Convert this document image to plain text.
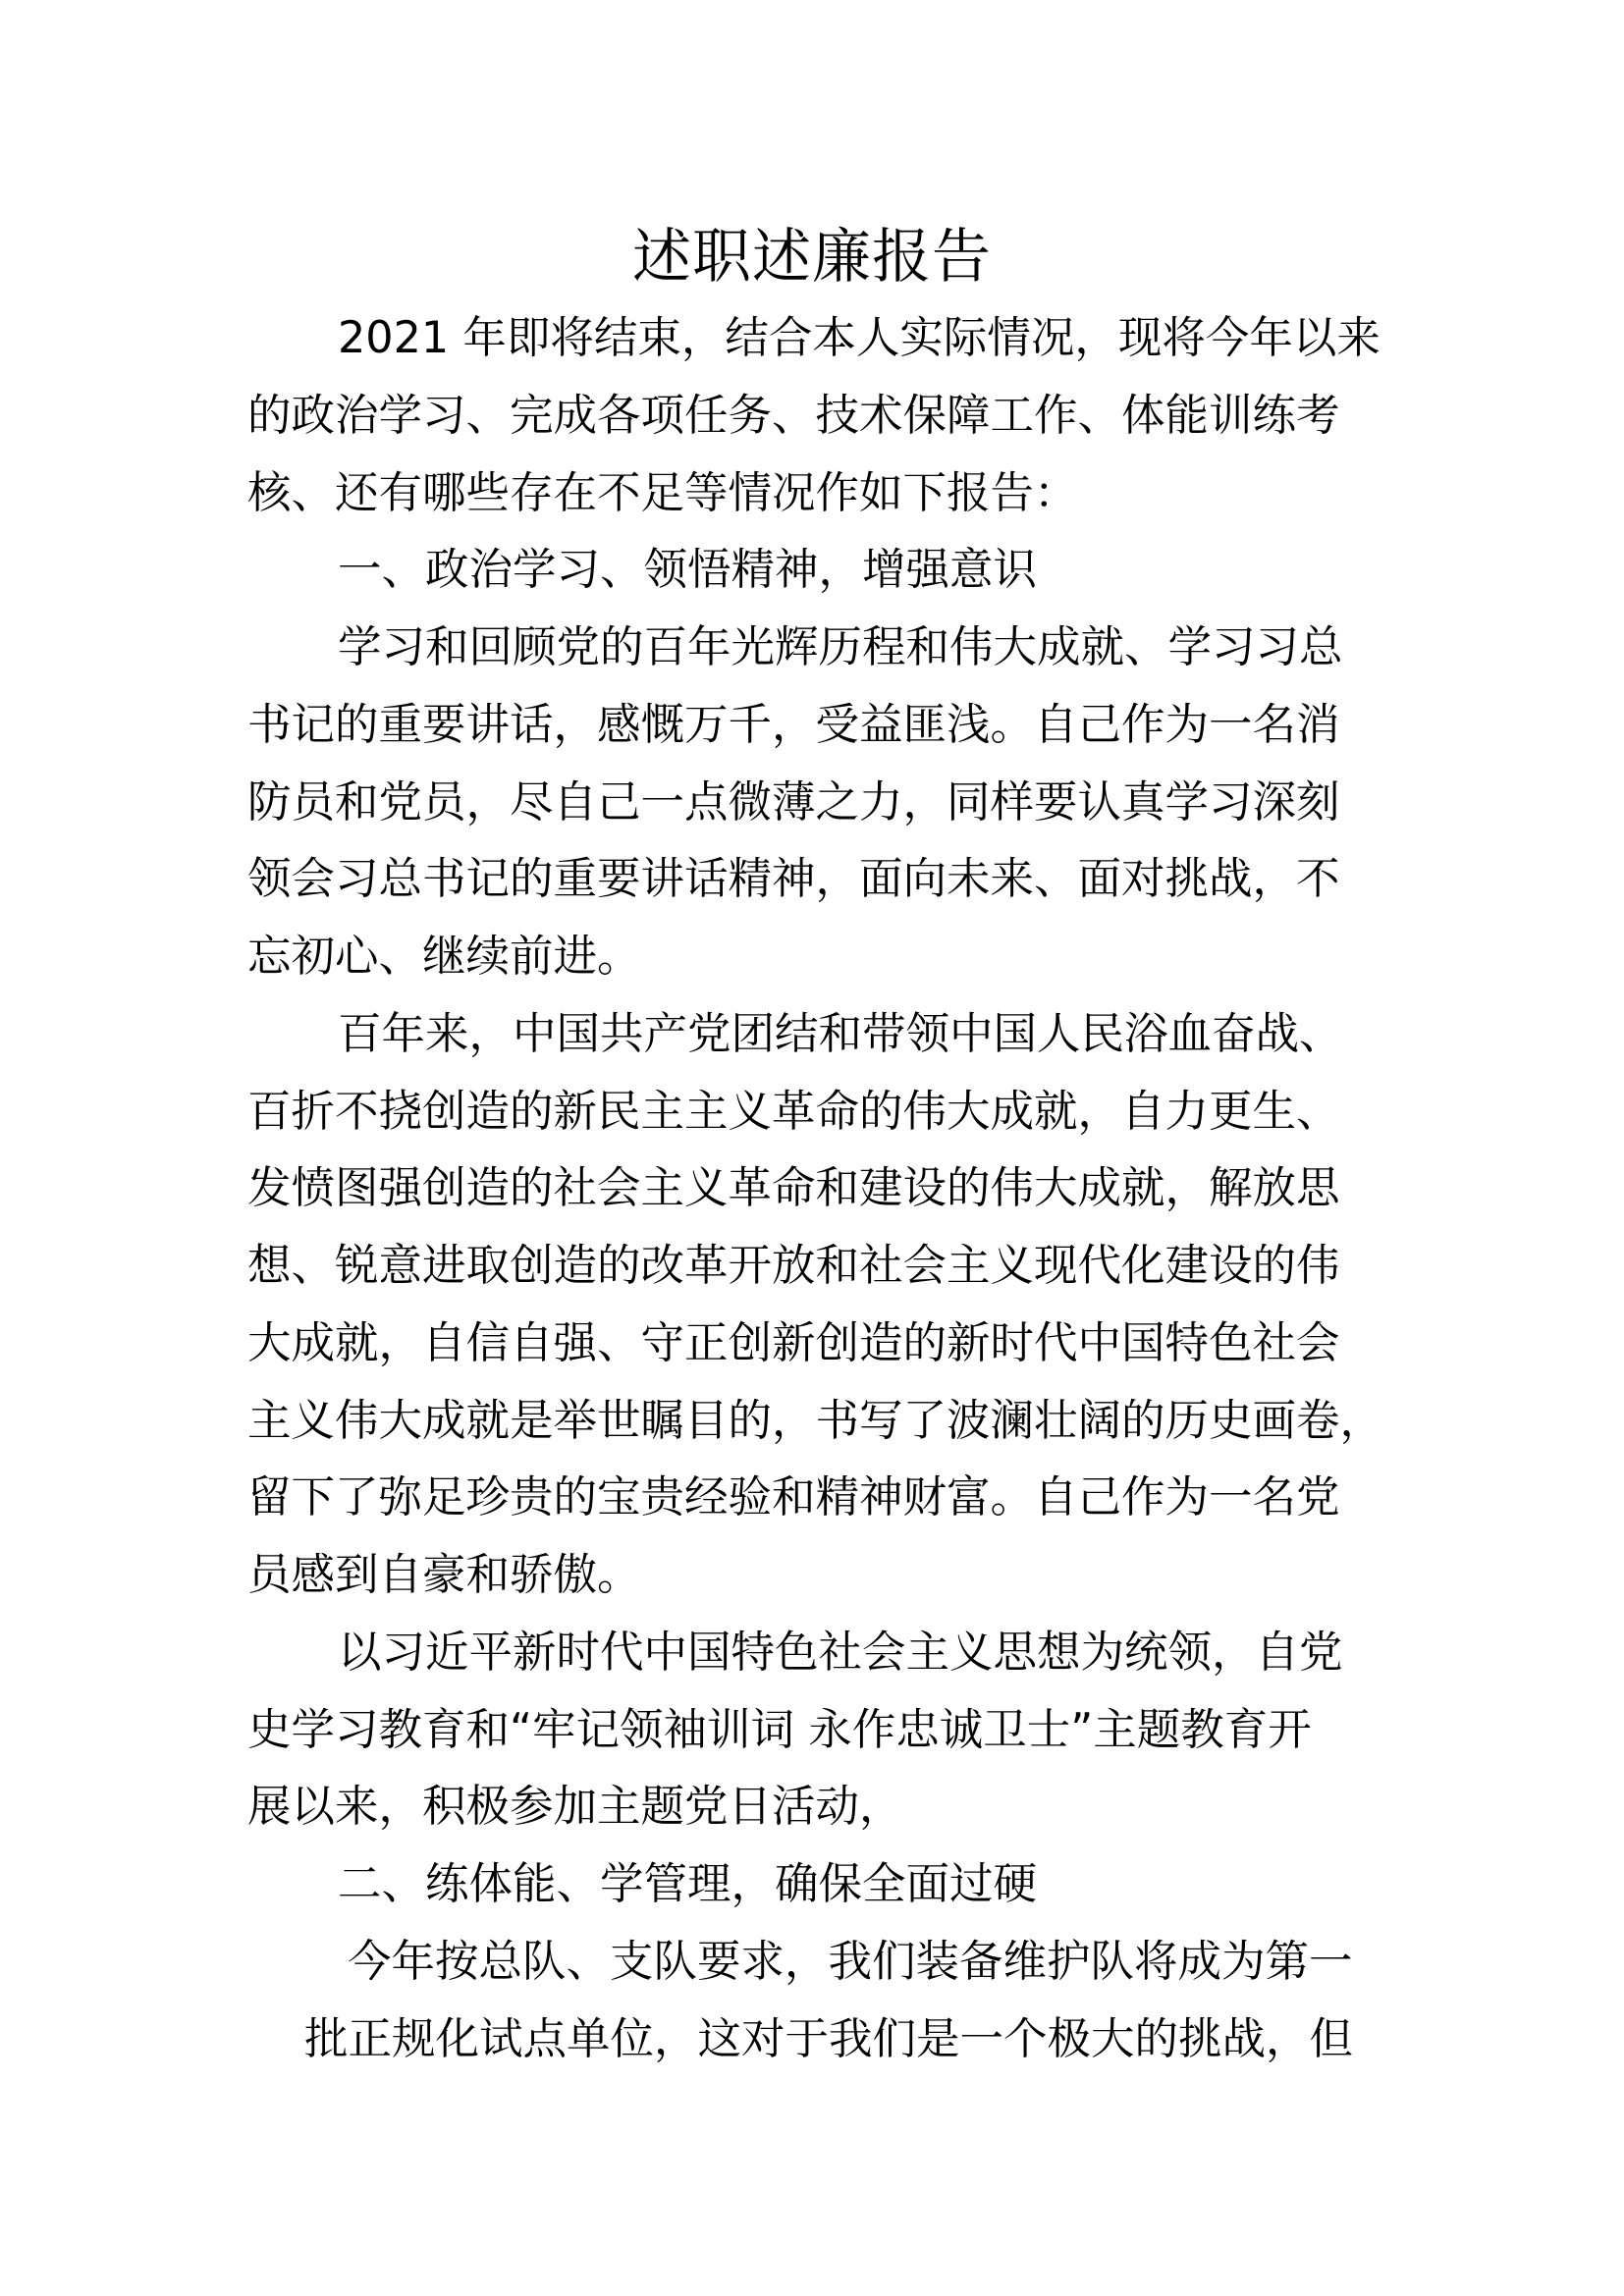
述职述廉报告
2021 年即将结束，结合本人实际情况，现将今年以来
的政治学习、完成各项任务、技术保障工作、体能训练考
核、还有哪些存在不足等情况作如下报告：
一、政治学习、领悟精神，增强意识
学习和回顾党的百年光辉历程和伟大成就、学习习总
书记的重要讲话，感慨万千，受益匪浅。自己作为一名消
防员和党员，尽自己一点微薄之力，同样要认真学习深刻
领会习总书记的重要讲话精神，面向未来、面对挑战，不
忘初心、继续前进。
百年来，中国共产党团结和带领中国人民浴血奋战、
百折不挠创造的新民主主义革命的伟大成就，自力更生、
发愤图强创造的社会主义革命和建设的伟大成就，解放思
想、锐意进取创造的改革开放和社会主义现代化建设的伟
大成就，自信自强、守正创新创造的新时代中国特色社会
主义伟大成就是举世瞩目的，书写了波澜壮阔的历史画卷，
留下了弥足珍贵的宝贵经验和精神财富。自己作为一名党
员感到自豪和骄傲。
以习近平新时代中国特色社会主义思想为统领，自党
史学习教育和“牢记领袖训词 永作忠诚卫士”主题教育开
展以来，积极参加主题党日活动，
二、练体能、学管理，确保全面过硬
今年按总队、支队要求，我们装备维护队将成为第一
批正规化试点单位，这对于我们是一个极大的挑战，但
